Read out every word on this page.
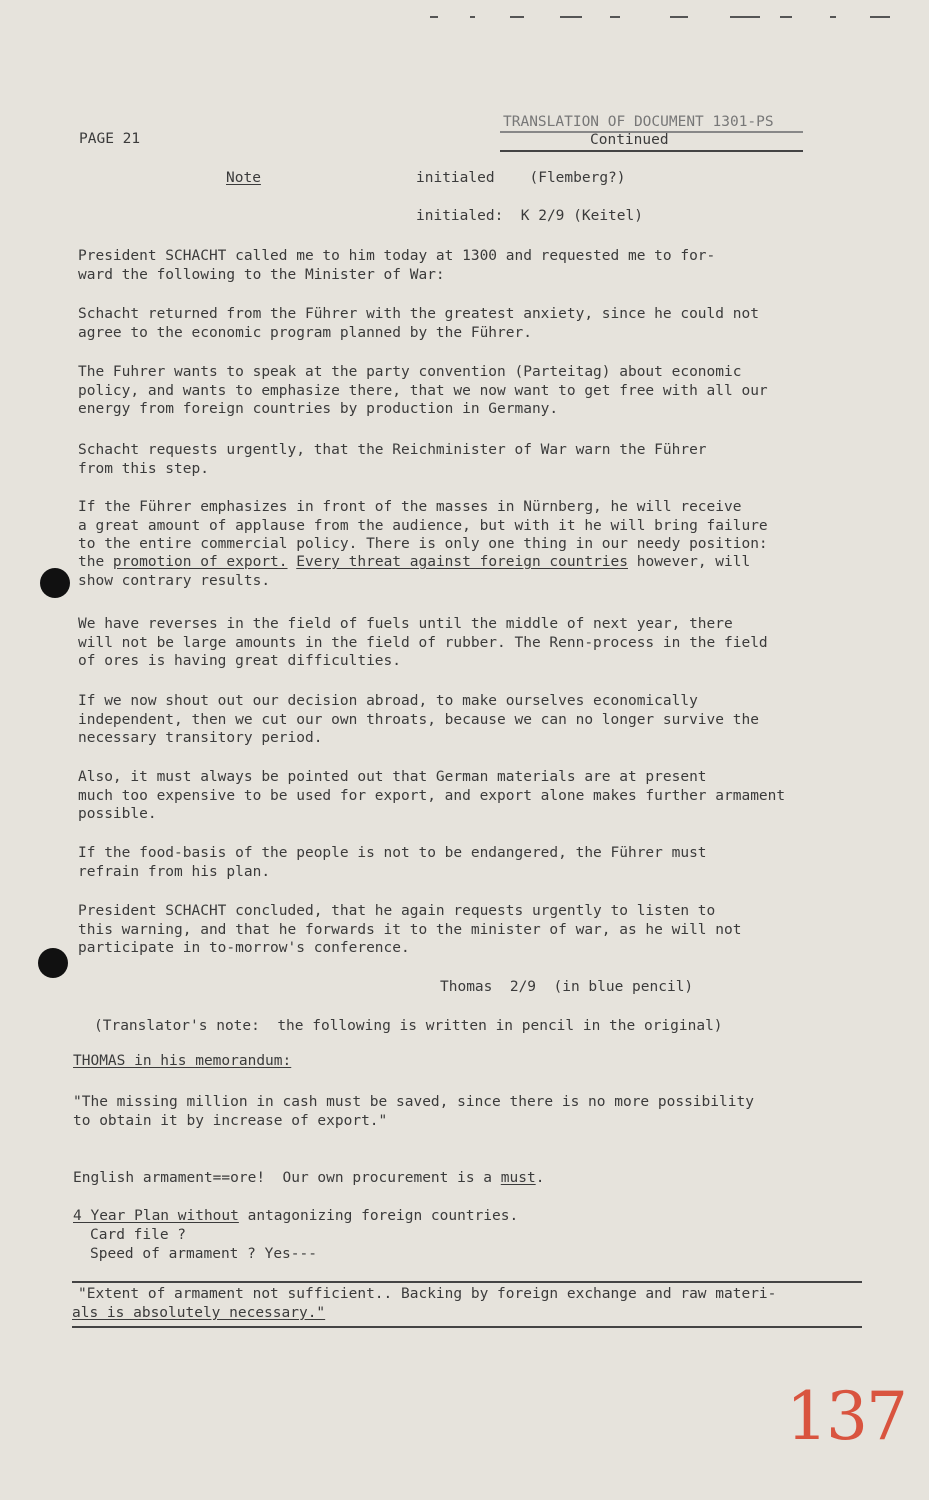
PAGE 21
TRANSLATION OF DOCUMENT 1301-PS
Continued
Note	initialed    (Flemberg?)
initialed:  K 2/9 (Keitel)
President SCHACHT called me to him today at 1300 and requested me to for-
ward the following to the Minister of War:
Schacht returned from the Führer with the greatest anxiety, since he could not
agree to the economic program planned by the Führer.
The Fuhrer wants to speak at the party convention (Parteitag) about economic
policy, and wants to emphasize there, that we now want to get free with all our
energy from foreign countries by production in Germany.
Schacht requests urgently, that the Reichminister of War warn the Führer
from this step.
If the Führer emphasizes in front of the masses in Nürnberg, he will receive
a great amount of applause from the audience, but with it he will bring failure
to the entire commercial policy. There is only one thing in our needy position:
the promotion of export. Every threat against foreign countries however, will
show contrary results.
We have reverses in the field of fuels until the middle of next year, there
will not be large amounts in the field of rubber. The Renn-process in the field
of ores is having great difficulties.
If we now shout out our decision abroad, to make ourselves economically
independent, then we cut our own throats, because we can no longer survive the
necessary transitory period.
Also, it must always be pointed out that German materials are at present
much too expensive to be used for export, and export alone makes further armament
possible.
If the food-basis of the people is not to be endangered, the Führer must
refrain from his plan.
President SCHACHT concluded, that he again requests urgently to listen to
this warning, and that he forwards it to the minister of war, as he will not
participate in to-morrow's conference.
Thomas  2/9  (in blue pencil)
(Translator's note:  the following is written in pencil in the original)
THOMAS in his memorandum:
"The missing million in cash must be saved, since there is no more possibility
to obtain it by increase of export."
English armament==ore!  Our own procurement is a must.
4 Year Plan without antagonizing foreign countries.
Card file ?
Speed of armament ? Yes---
"Extent of armament not sufficient.. Backing by foreign exchange and raw materi-
als is absolutely necessary."
137
